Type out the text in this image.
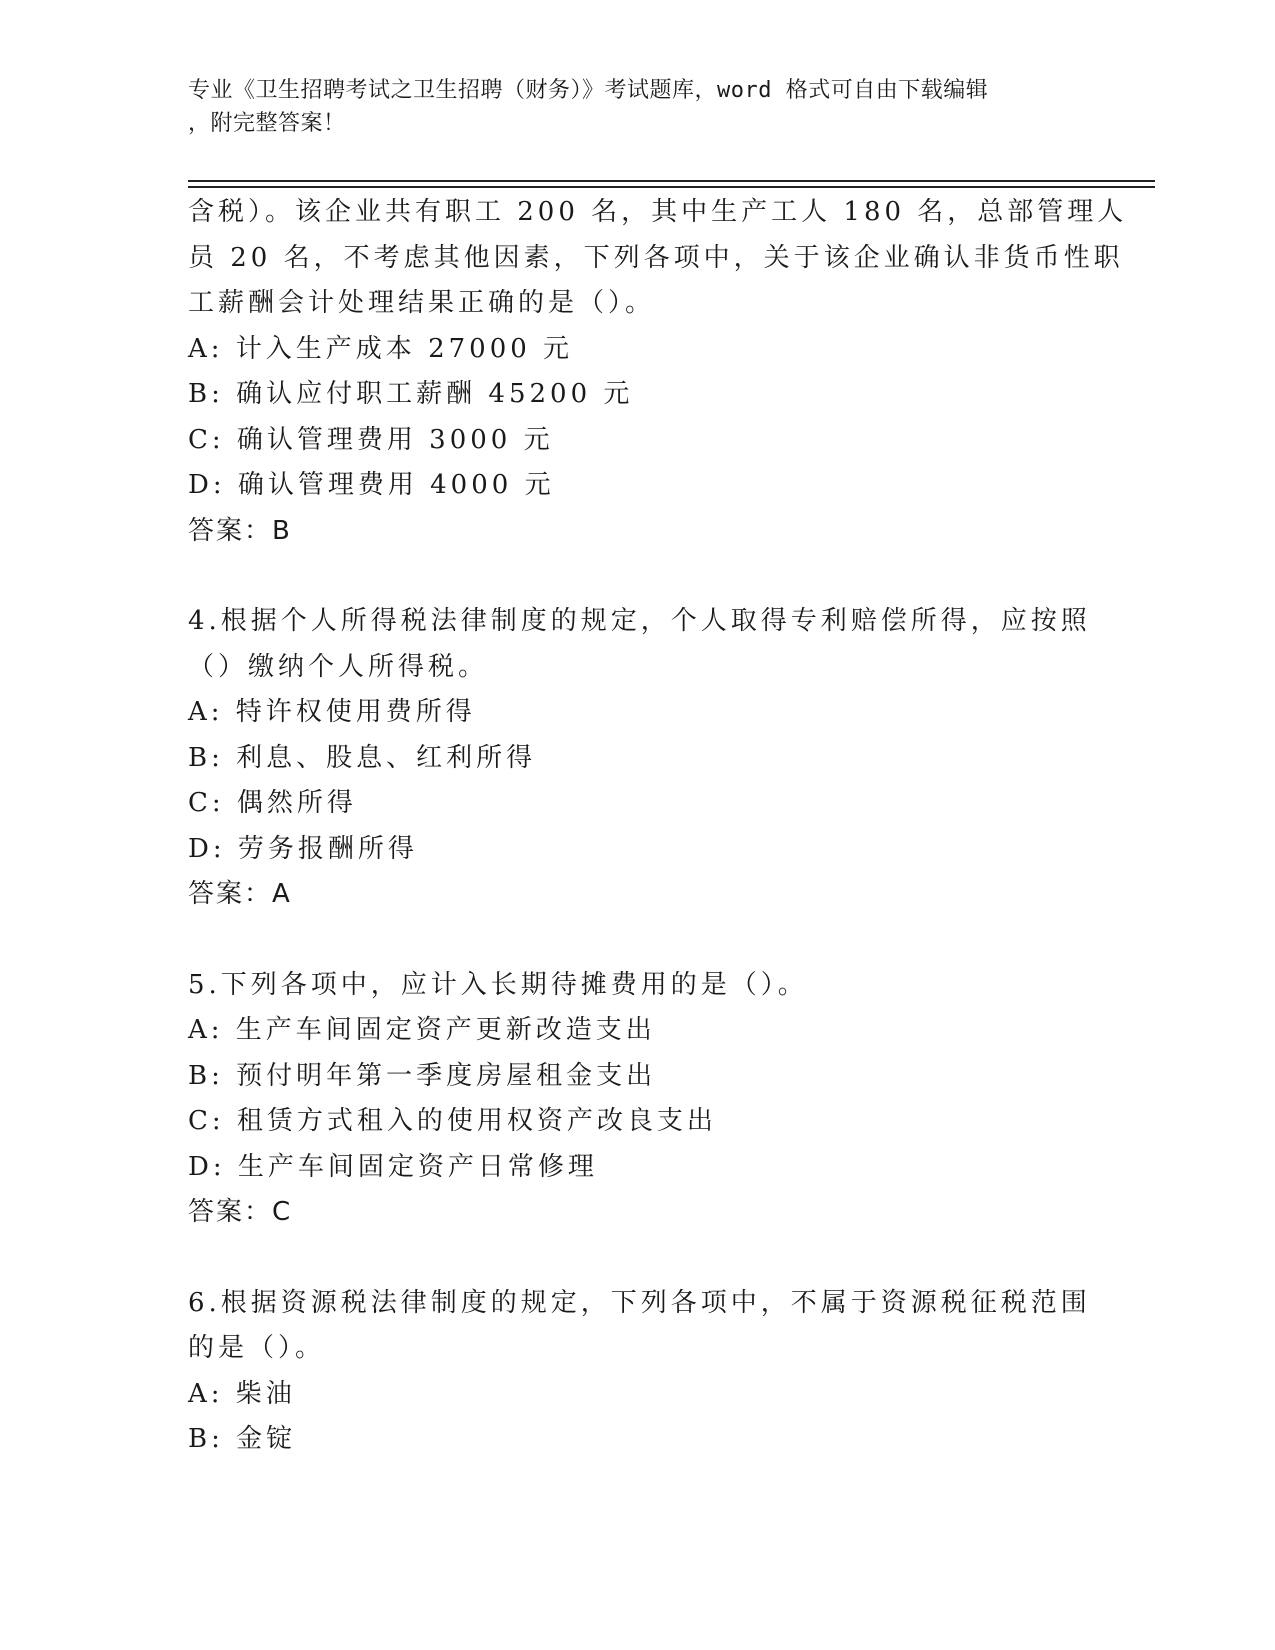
专业《卫生招聘考试之卫生招聘（财务）》考试题库，word 格式可自由下载编辑
，附完整答案！
含税）。该企业共有职工 200 名，其中生产工人 180 名，总部管理人
员 20 名，不考虑其他因素，下列各项中，关于该企业确认非货币性职
工薪酬会计处理结果正确的是（）。
A: 计入生产成本 27000 元
B: 确认应付职工薪酬 45200 元
C: 确认管理费用 3000 元
D: 确认管理费用 4000 元
答案：B
4.根据个人所得税法律制度的规定，个人取得专利赔偿所得，应按照
（）缴纳个人所得税。
A: 特许权使用费所得
B: 利息、股息、红利所得
C: 偶然所得
D: 劳务报酬所得
答案：A
5.下列各项中，应计入长期待摊费用的是（）。
A: 生产车间固定资产更新改造支出
B: 预付明年第一季度房屋租金支出
C: 租赁方式租入的使用权资产改良支出
D: 生产车间固定资产日常修理
答案：C
6.根据资源税法律制度的规定，下列各项中，不属于资源税征税范围
的是（）。
A: 柴油
B: 金锭
